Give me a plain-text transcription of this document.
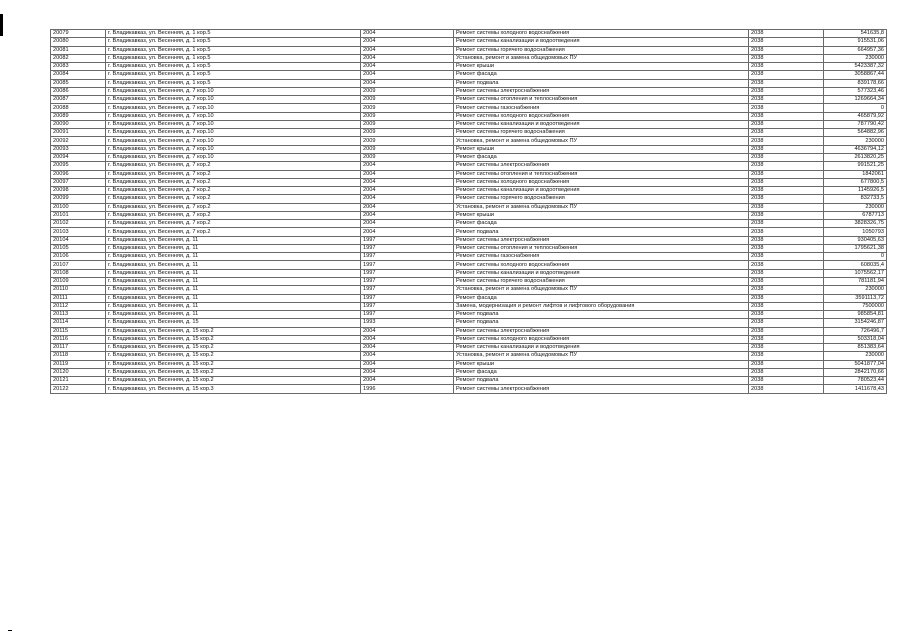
20079	г. Владикавказ, ул. Весенняя, д. 1 кор.5	2004	Ремонт системы холодного водоснабжения	2038	541635,8
20080	г. Владикавказ, ул. Весенняя, д. 1 кор.5	2004	Ремонт системы канализации и водоотведения	2038	915531,06
20081	г. Владикавказ, ул. Весенняя, д. 1 кор.5	2004	Ремонт системы горячего водоснабжения	2038	664957,36
20082	г. Владикавказ, ул. Весенняя, д. 1 кор.5	2004	Установка, ремонт и замена общедомовых ПУ	2038	230000
20083	г. Владикавказ, ул. Весенняя, д. 1 кор.5	2004	Ремонт крыши	2038	5423387,32
20084	г. Владикавказ, ул. Весенняя, д. 1 кор.5	2004	Ремонт фасада	2038	3058867,44
20085	г. Владикавказ, ул. Весенняя, д. 1 кор.5	2004	Ремонт подвала	2038	839178,66
20086	г. Владикавказ, ул. Весенняя, д. 7 кор.10	2009	Ремонт системы электроснабжения	2038	577323,46
20087	г. Владикавказ, ул. Весенняя, д. 7 кор.10	2009	Ремонт системы отопления и теплоснабжения	2038	1269664,34
20088	г. Владикавказ, ул. Весенняя, д. 7 кор.10	2009	Ремонт системы газоснабжения	2038	0
20089	г. Владикавказ, ул. Весенняя, д. 7 кор.10	2009	Ремонт системы холодного водоснабжения	2038	465879,92
20090	г. Владикавказ, ул. Весенняя, д. 7 кор.10	2009	Ремонт системы канализации и водоотведения	2038	787790,42
20091	г. Владикавказ, ул. Весенняя, д. 7 кор.10	2009	Ремонт системы горячего водоснабжения	2038	564882,96
20092	г. Владикавказ, ул. Весенняя, д. 7 кор.10	2009	Установка, ремонт и замена общедомовых ПУ	2038	230000
20093	г. Владикавказ, ул. Весенняя, д. 7 кор.10	2009	Ремонт крыши	2038	4636794,12
20094	г. Владикавказ, ул. Весенняя, д. 7 кор.10	2009	Ремонт фасада	2038	2613820,25
20095	г. Владикавказ, ул. Весенняя, д. 7 кор.2	2004	Ремонт системы электроснабжения	2038	991521,25
20096	г. Владикавказ, ул. Весенняя, д. 7 кор.2	2004	Ремонт системы отопления и теплоснабжения	2038	1842061
20097	г. Владикавказ, ул. Весенняя, д. 7 кор.2	2004	Ремонт системы холодного водоснабжения	2038	677800,5
20098	г. Владикавказ, ул. Весенняя, д. 7 кор.2	2004	Ремонт системы канализации и водоотведения	2038	1145926,5
20099	г. Владикавказ, ул. Весенняя, д. 7 кор.2	2004	Ремонт системы горячего водоснабжения	2038	832733,5
20100	г. Владикавказ, ул. Весенняя, д. 7 кор.2	2004	Установка, ремонт и замена общедомовых ПУ	2038	230000
20101	г. Владикавказ, ул. Весенняя, д. 7 кор.2	2004	Ремонт крыши	2038	6787713
20102	г. Владикавказ, ул. Весенняя, д. 7 кор.2	2004	Ремонт фасада	2038	3828326,75
20103	г. Владикавказ, ул. Весенняя, д. 7 кор.2	2004	Ремонт подвала	2038	1050793
20104	г. Владикавказ, ул. Весенняя, д. 11	1997	Ремонт системы электроснабжения	2038	930405,63
20105	г. Владикавказ, ул. Весенняя, д. 11	1997	Ремонт системы отопления и теплоснабжения	2038	1795621,38
20106	г. Владикавказ, ул. Весенняя, д. 11	1997	Ремонт системы газоснабжения	2038	0
20107	г. Владикавказ, ул. Весенняя, д. 11	1997	Ремонт системы холодного водоснабжения	2038	608035,4
20108	г. Владикавказ, ул. Весенняя, д. 11	1997	Ремонт системы канализации и водоотведения	2038	1075562,17
20109	г. Владикавказ, ул. Весенняя, д. 11	1997	Ремонт системы горячего водоснабжения	2038	781181,94
20110	г. Владикавказ, ул. Весенняя, д. 11	1997	Установка, ремонт и замена общедомовых ПУ	2038	230000
20111	г. Владикавказ, ул. Весенняя, д. 11	1997	Ремонт фасада	2038	3591113,72
20112	г. Владикавказ, ул. Весенняя, д. 11	1997	Замена, модернизация и ремонт лифтов и лифтового оборудования	2038	7500000
20113	г. Владикавказ, ул. Весенняя, д. 11	1997	Ремонт подвала	2038	985854,81
20114	г. Владикавказ, ул. Весенняя, д. 15	1993	Ремонт подвала	2038	3154246,87
20115	г. Владикавказ, ул. Весенняя, д. 15 кор.2	2004	Ремонт системы электроснабжения	2038	726496,7
20116	г. Владикавказ, ул. Весенняя, д. 15 кор.2	2004	Ремонт системы холодного водоснабжения	2038	503318,04
20117	г. Владикавказ, ул. Весенняя, д. 15 кор.2	2004	Ремонт системы канализации и водоотведения	2038	851383,64
20118	г. Владикавказ, ул. Весенняя, д. 15 кор.2	2004	Установка, ремонт и замена общедомовых ПУ	2038	230000
20119	г. Владикавказ, ул. Весенняя, д. 15 кор.2	2004	Ремонт крыши	2038	5041877,04
20120	г. Владикавказ, ул. Весенняя, д. 15 кор.2	2004	Ремонт фасада	2038	2842170,66
20121	г. Владикавказ, ул. Весенняя, д. 15 кор.2	2004	Ремонт подвала	2038	780523,44
20122	г. Владикавказ, ул. Весенняя, д. 15 кор.3	1996	Ремонт системы электроснабжения	2038	1411678,43
